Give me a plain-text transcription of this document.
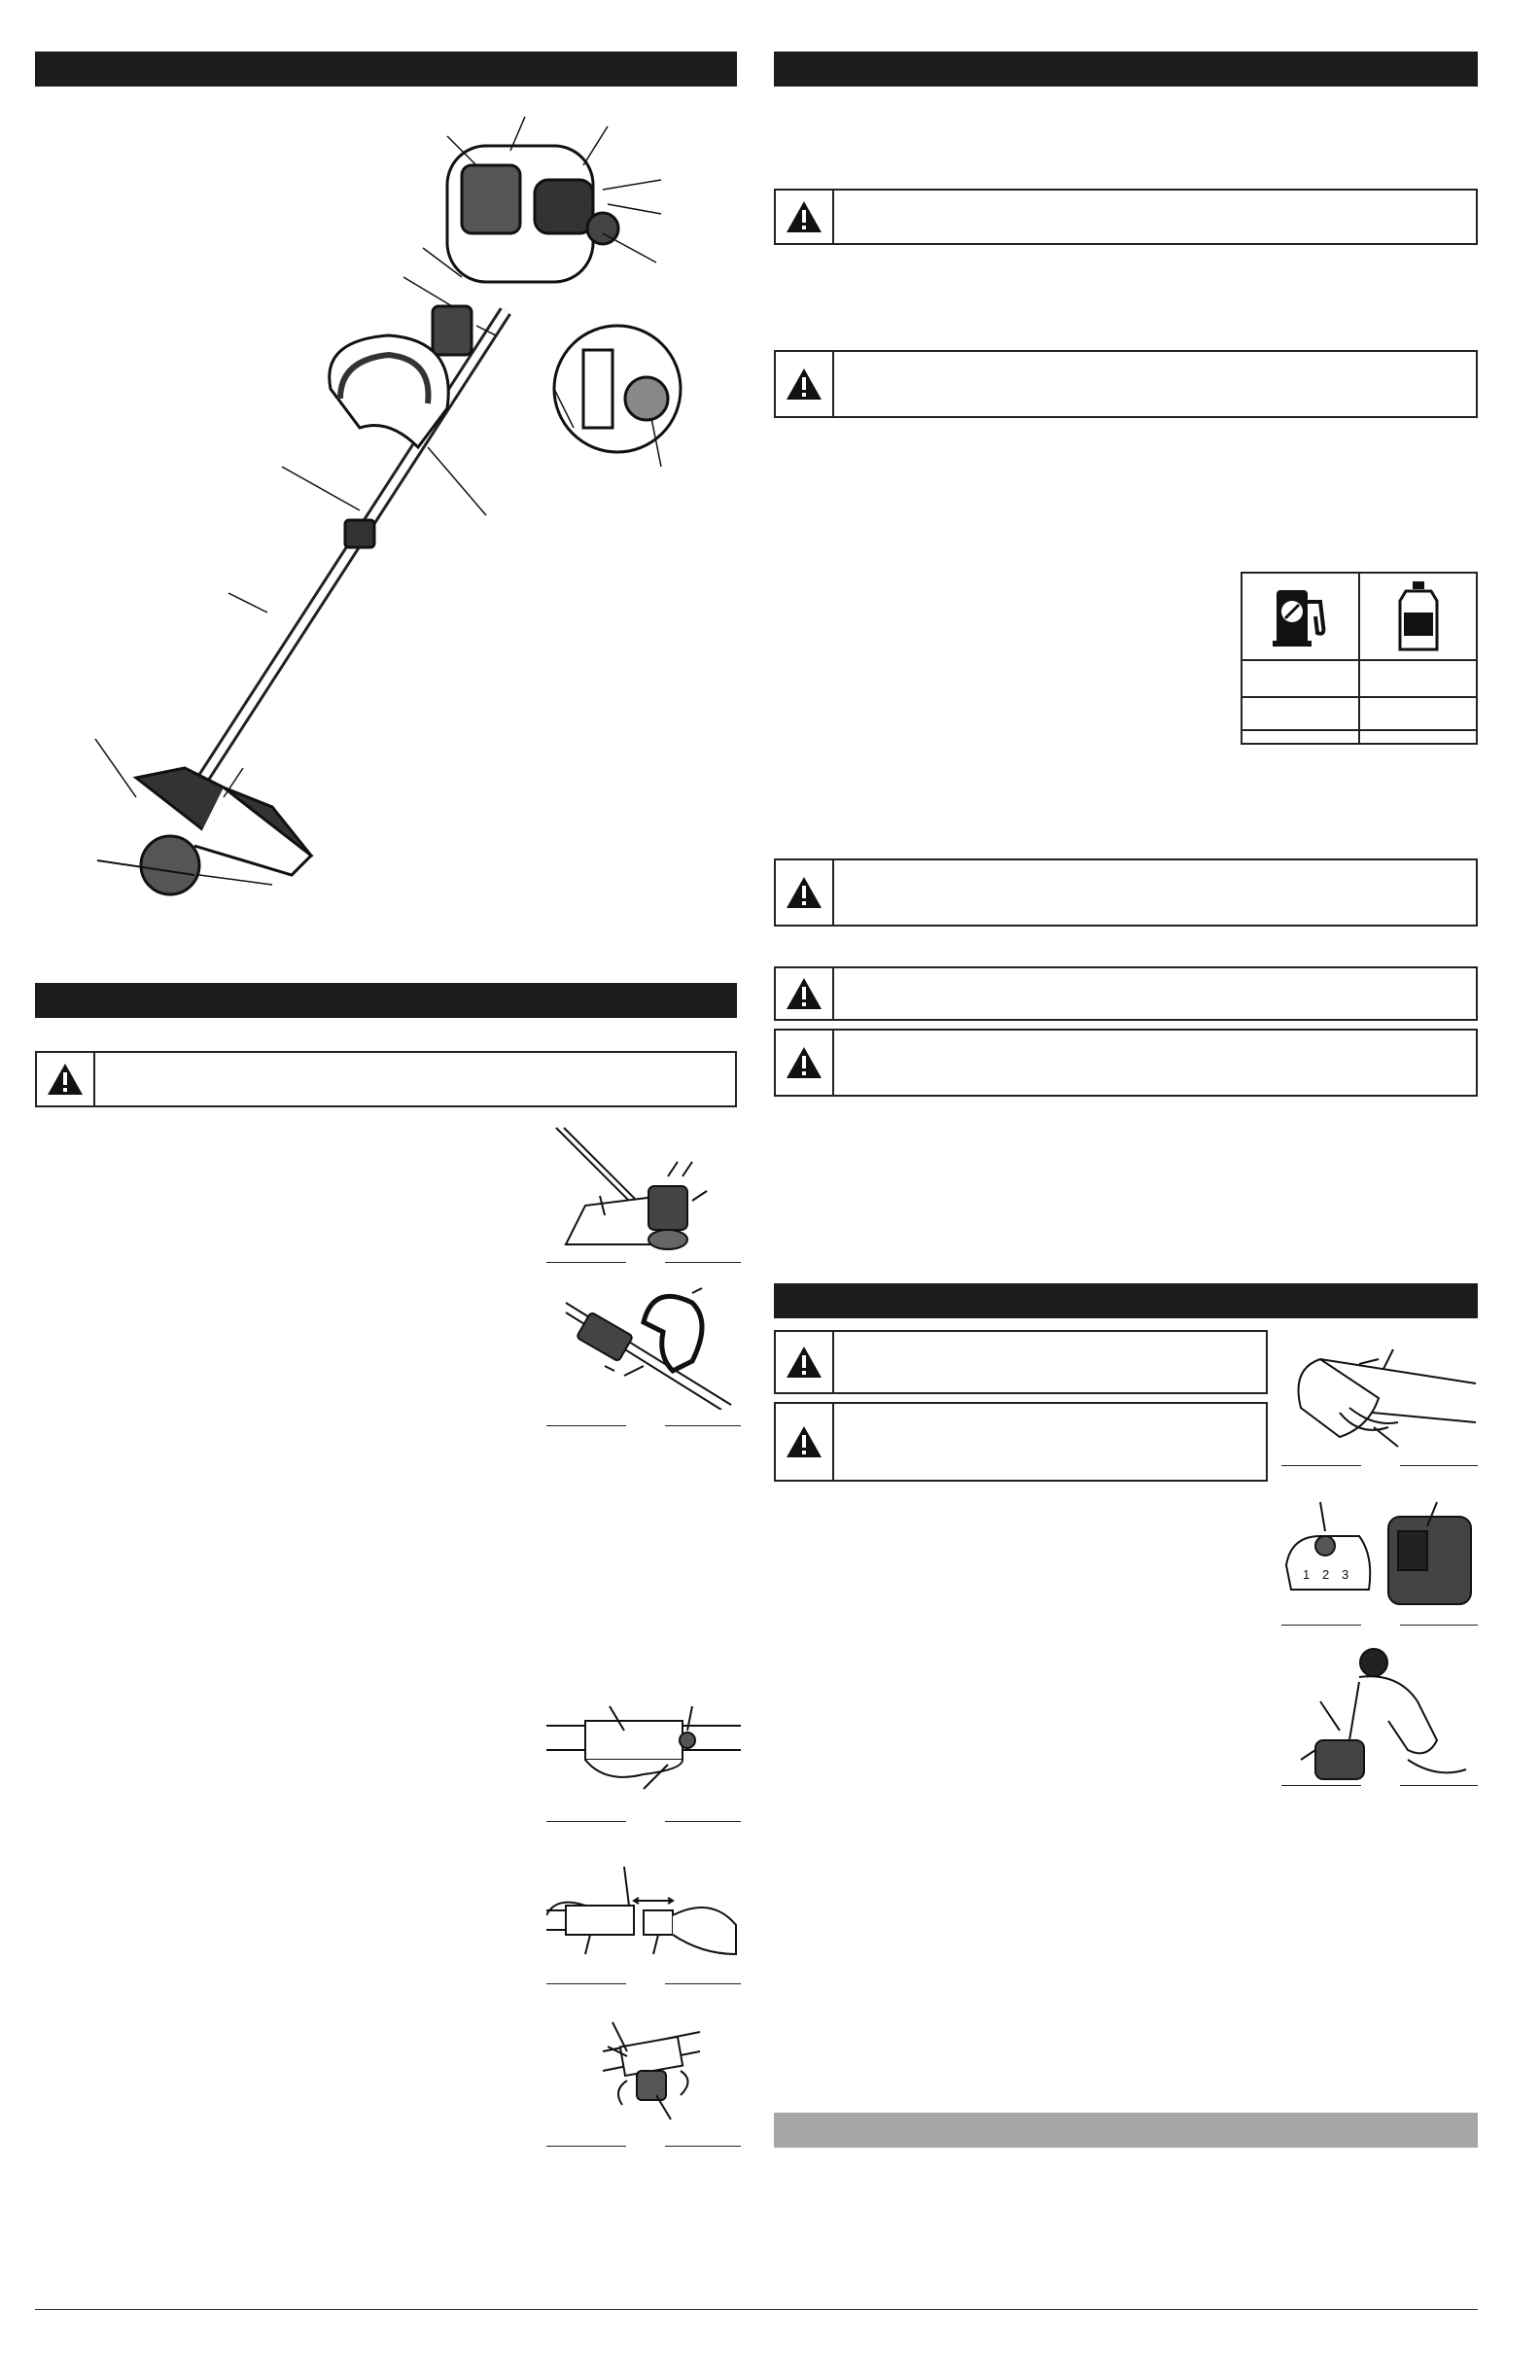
1 2 3
